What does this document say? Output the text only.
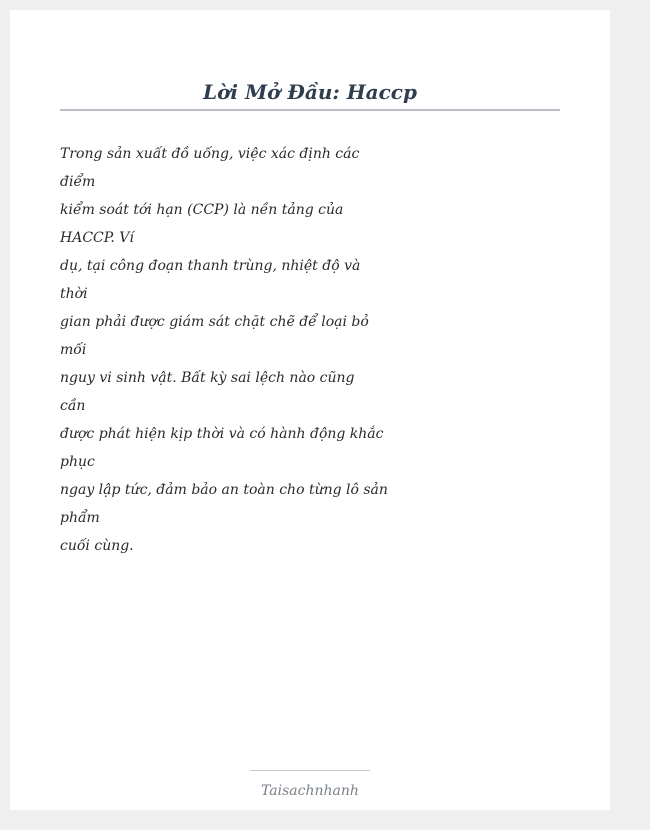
Lời Mở Đầu: Haccp
Trong sản xuất đồ uống, việc xác định các
điểm
kiểm soát tới hạn (CCP) là nền tảng của
HACCP. Ví
dụ, tại công đoạn thanh trùng, nhiệt độ và
thời
gian phải được giám sát chặt chẽ để loại bỏ
mối
nguy vi sinh vật. Bất kỳ sai lệch nào cũng
cần
được phát hiện kịp thời và có hành động khắc
phục
ngay lập tức, đảm bảo an toàn cho từng lô sản
phẩm
cuối cùng.
Taisachnhanh
